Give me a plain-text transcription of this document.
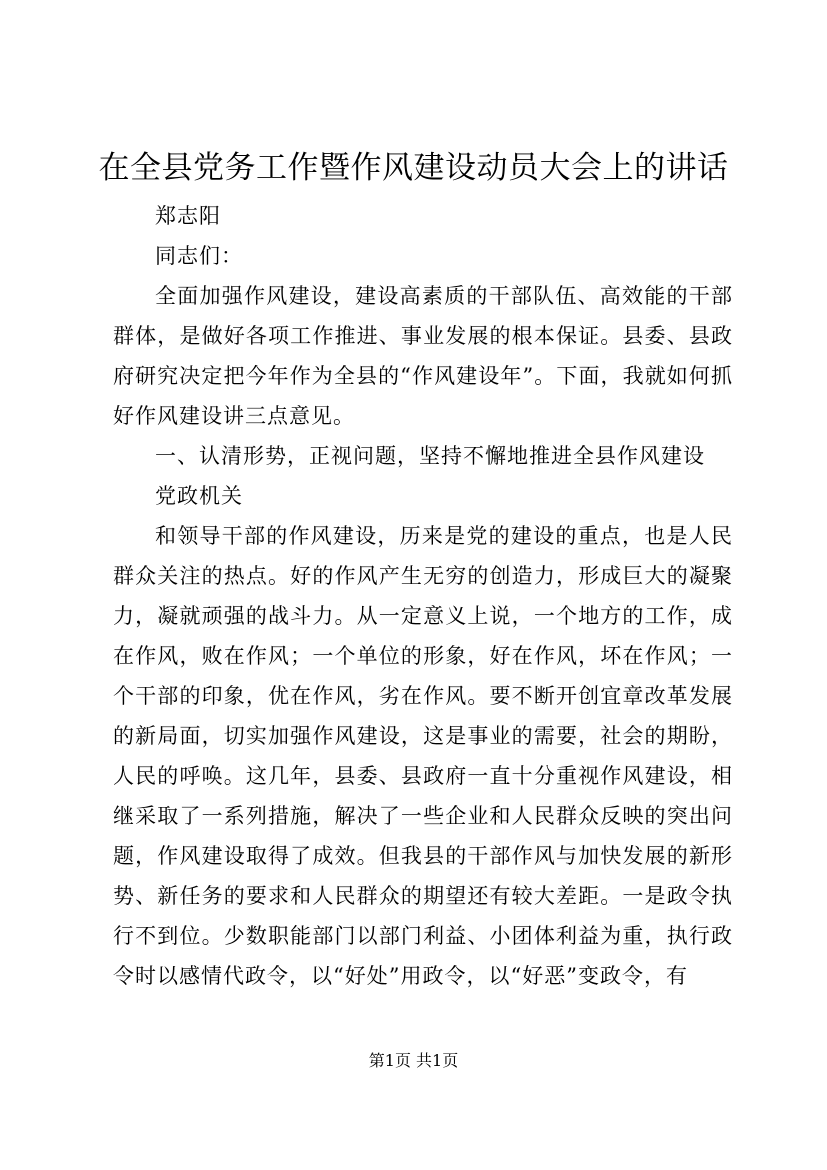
在全县党务工作暨作风建设动员大会上的讲话

郑志阳

同志们：

全面加强作风建设，建设高素质的干部队伍、高效能的干部群体，是做好各项工作推进、事业发展的根本保证。县委、县政府研究决定把今年作为全县的“作风建设年”。下面，我就如何抓好作风建设讲三点意见。

一、认清形势，正视问题，坚持不懈地推进全县作风建设

党政机关

和领导干部的作风建设，历来是党的建设的重点，也是人民群众关注的热点。好的作风产生无穷的创造力，形成巨大的凝聚力，凝就顽强的战斗力。从一定意义上说，一个地方的工作，成在作风，败在作风；一个单位的形象，好在作风，坏在作风；一个干部的印象，优在作风，劣在作风。要不断开创宜章改革发展的新局面，切实加强作风建设，这是事业的需要，社会的期盼，人民的呼唤。这几年，县委、县政府一直十分重视作风建设，相继采取了一系列措施，解决了一些企业和人民群众反映的突出问题，作风建设取得了成效。但我县的干部作风与加快发展的新形势、新任务的要求和人民群众的期望还有较大差距。一是政令执行不到位。少数职能部门以部门利益、小团体利益为重，执行政令时以感情代政令，以“好处”用政令，以“好恶”变政令，有

第1页 共1页
